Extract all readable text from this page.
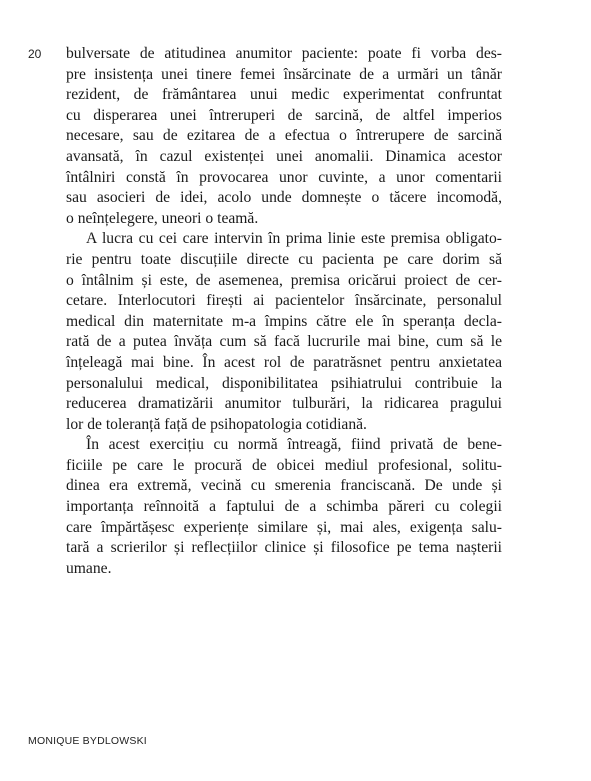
20 bulversate de atitudinea anumitor paciente: poate fi vorba des-
pre insistența unei tinere femei însărcinate de a urmări un tânăr
rezident, de frământarea unui medic experimentat confruntat
cu disperarea unei întreruperi de sarcină, de altfel imperios
necesare, sau de ezitarea de a efectua o întrerupere de sarcină
avansată, în cazul existenței unei anomalii. Dinamica acestor
întâlniri constă în provocarea unor cuvinte, a unor comentarii
sau asocieri de idei, acolo unde domnește o tăcere incomodă,
o neînțelegere, uneori o teamă.
A lucra cu cei care intervin în prima linie este premisa obligato-
rie pentru toate discuțiile directe cu pacienta pe care dorim să
o întâlnim și este, de asemenea, premisa oricărui proiect de cer-
cetare. Interlocutori firești ai pacientelor însărcinate, personalul
medical din maternitate m-a împins către ele în speranța decla-
rată de a putea învăța cum să facă lucrurile mai bine, cum să le
înțeleagă mai bine. În acest rol de paratrăsnet pentru anxietatea
personalului medical, disponibilitatea psihiatrului contribuie la
reducerea dramatizării anumitor tulburări, la ridicarea pragului
lor de toleranță față de psihopatologia cotidiană.
În acest exercițiu cu normă întreagă, fiind privată de bene-
ficiile pe care le procură de obicei mediul profesional, solitu-
dinea era extremă, vecină cu smerenia franciscană. De unde și
importanța reînnoită a faptului de a schimba păreri cu colegii
care împărtășesc experiențe similare și, mai ales, exigența salu-
tară a scrierilor și reflecțiilor clinice și filosofice pe tema nașterii
umane.
MONIQUE BYDLOWSKI
